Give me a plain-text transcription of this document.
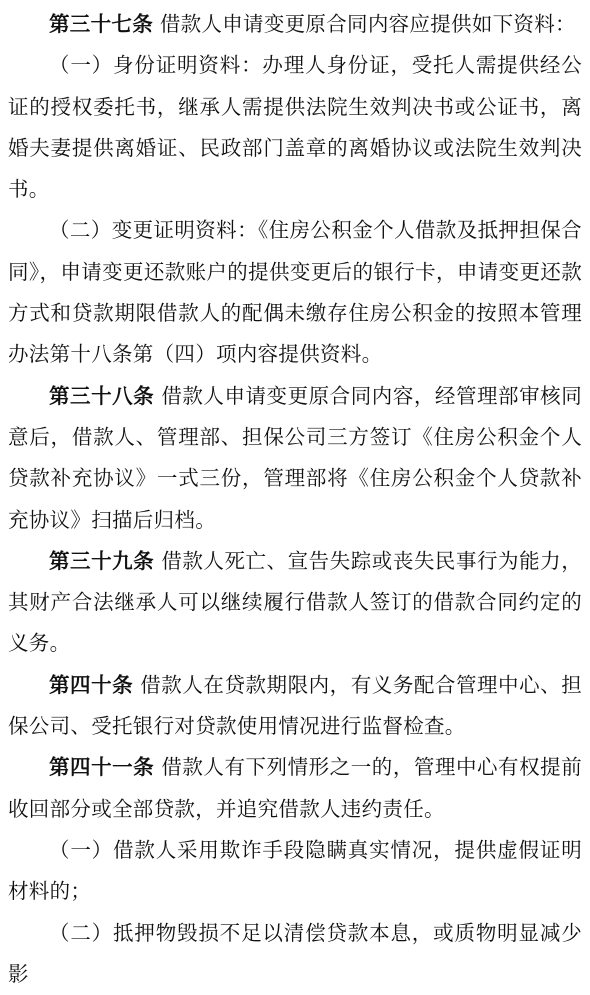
第三十七条 借款人申请变更原合同内容应提供如下资料：

（一）身份证明资料：办理人身份证，受托人需提供经公证的授权委托书，继承人需提供法院生效判决书或公证书，离婚夫妻提供离婚证、民政部门盖章的离婚协议或法院生效判决书。

（二）变更证明资料：《住房公积金个人借款及抵押担保合同》，申请变更还款账户的提供变更后的银行卡，申请变更还款方式和贷款期限借款人的配偶未缴存住房公积金的按照本管理办法第十八条第（四）项内容提供资料。

第三十八条 借款人申请变更原合同内容，经管理部审核同意后，借款人、管理部、担保公司三方签订《住房公积金个人贷款补充协议》一式三份，管理部将《住房公积金个人贷款补充协议》扫描后归档。

第三十九条 借款人死亡、宣告失踪或丧失民事行为能力，其财产合法继承人可以继续履行借款人签订的借款合同约定的义务。

第四十条 借款人在贷款期限内，有义务配合管理中心、担保公司、受托银行对贷款使用情况进行监督检查。

第四十一条 借款人有下列情形之一的，管理中心有权提前收回部分或全部贷款，并追究借款人违约责任。

（一）借款人采用欺诈手段隐瞒真实情况，提供虚假证明材料的；

（二）抵押物毁损不足以清偿贷款本息，或质物明显减少影
